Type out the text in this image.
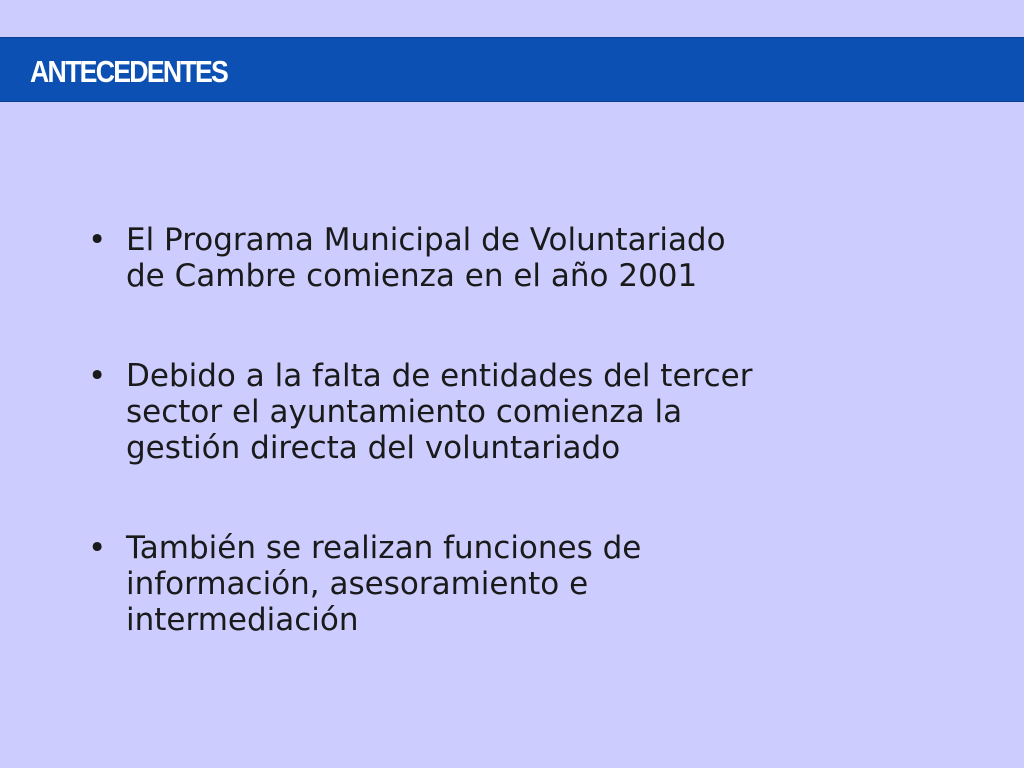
ANTECEDENTES
• El Programa Municipal de Voluntariado
de Cambre comienza en el año 2001
• Debido a la falta de entidades del tercer
sector el ayuntamiento comienza la
gestión directa del voluntariado
• También se realizan funciones de
información, asesoramiento e
intermediación
